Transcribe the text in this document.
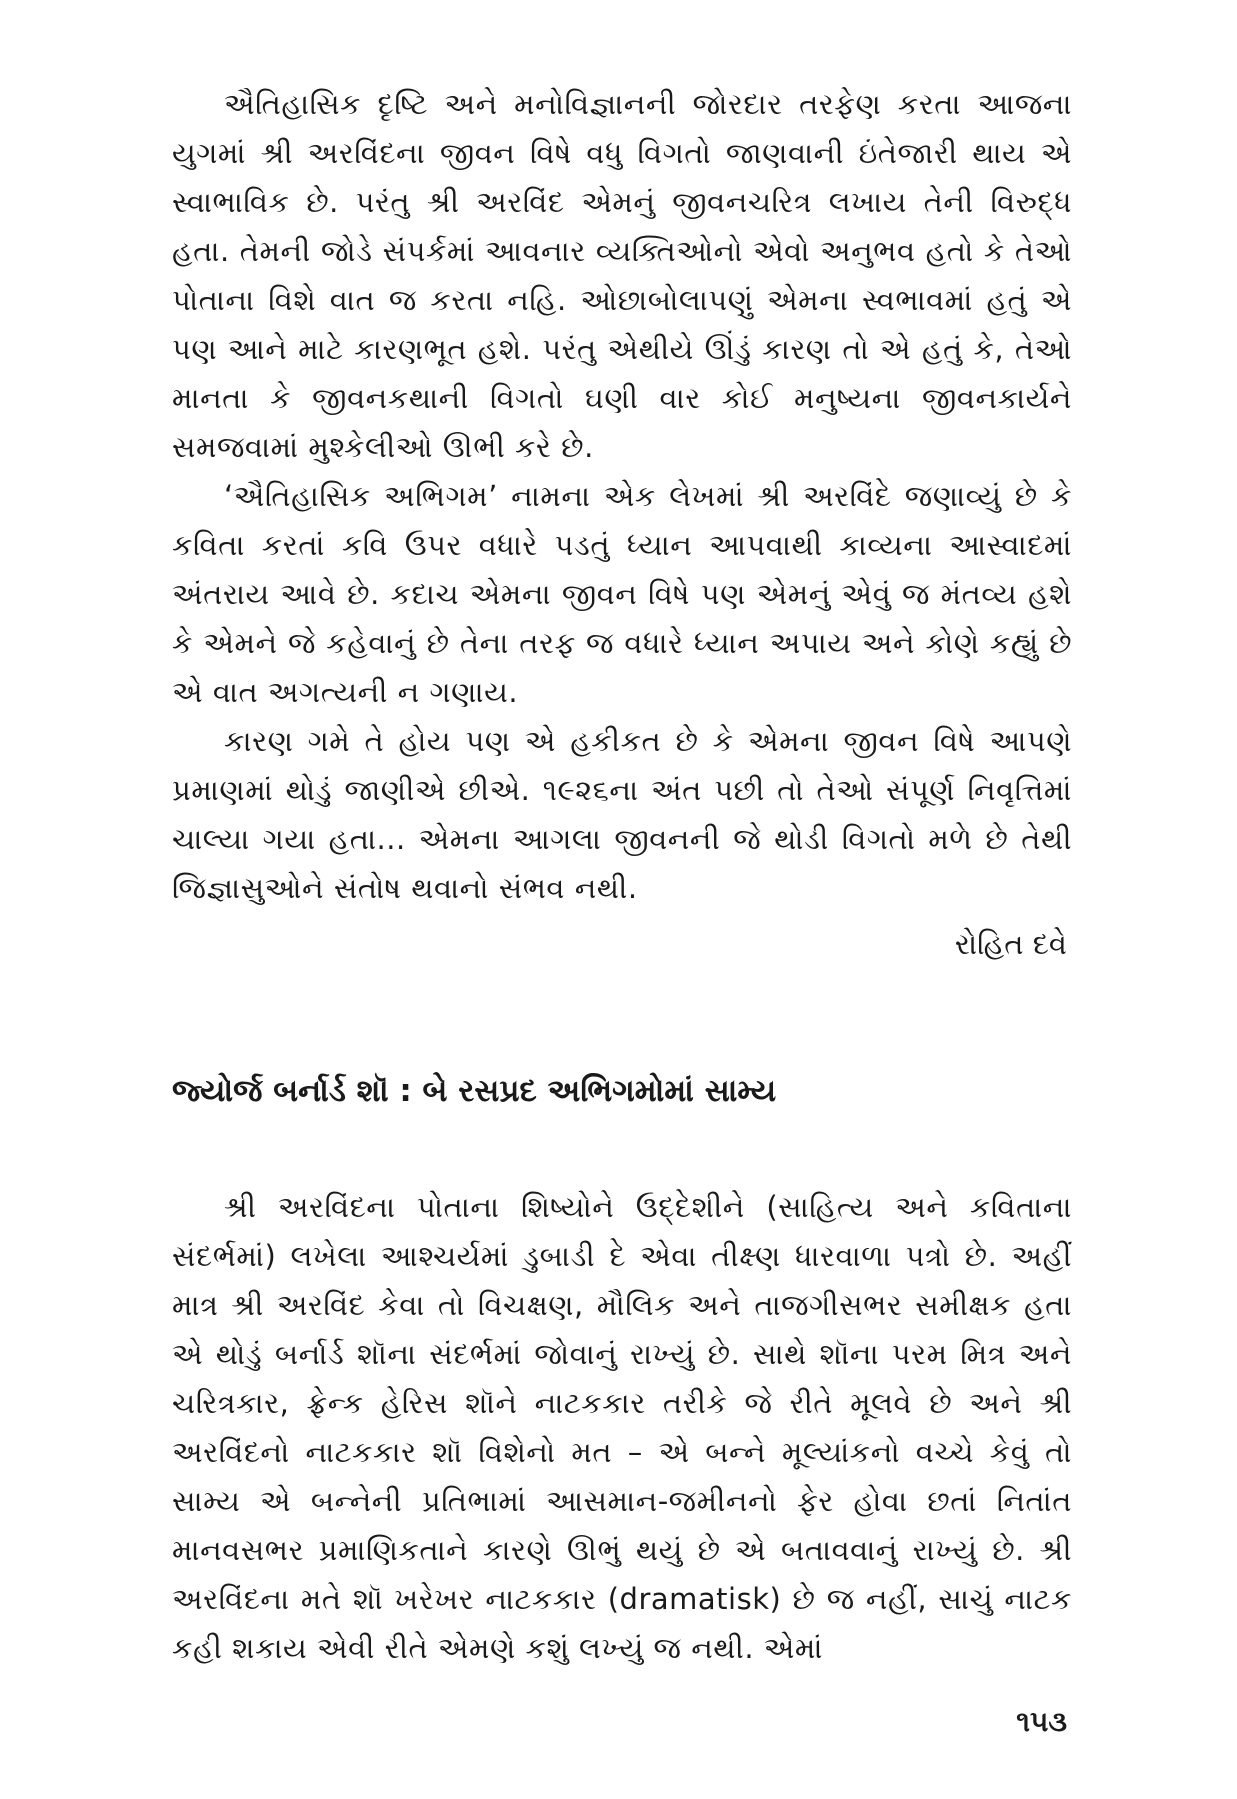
ઐતિહાસિક દૃષ્ટિ અને મનોવિજ્ઞાનની જોરદાર તરફેણ કરતા આજના યુગમાં શ્રી અરવિંદના જીવન વિષે વધુ વિગતો જાણવાની ઇંતેજારી થાય એ સ્વાભાવિક છે. પરંતુ શ્રી અરવિંદ એમનું જીવનચરિત્ર લખાય તેની વિરુદ્ધ હતા. તેમની જોડે સંપર્કમાં આવનાર વ્યક્તિઓનો એવો અનુભવ હતો કે તેઓ પોતાના વિશે વાત જ કરતા નહિ. ઓછાબોલાપણું એમના સ્વભાવમાં હતું એ પણ આને માટે કારણભૂત હશે. પરંતુ એથીયે ઊંડું કારણ તો એ હતું કે, તેઓ માનતા કે જીવનકથાની વિગતો ઘણી વાર કોઈ મનુષ્યના જીવનકાર્યને સમજવામાં મુશ્કેલીઓ ઊભી કરે છે.

‘ઐતિહાસિક અભિગમ’ નામના એક લેખમાં શ્રી અરવિંદે જણાવ્યું છે કે કવિતા કરતાં કવિ ઉપર વધારે પડતું ધ્યાન આપવાથી કાવ્યના આસ્વાદમાં અંતરાય આવે છે. કદાચ એમના જીવન વિષે પણ એમનું એવું જ મંતવ્ય હશે કે એમને જે કહેવાનું છે તેના તરફ જ વધારે ધ્યાન અપાય અને કોણે કહ્યું છે એ વાત અગત્યની ન ગણાય.

કારણ ગમે તે હોય પણ એ હકીકત છે કે એમના જીવન વિષે આપણે પ્રમાણમાં થોડું જાણીએ છીએ. ૧૯૨૬ના અંત પછી તો તેઓ સંપૂર્ણ નિવૃત્તિમાં ચાલ્યા ગયા હતા... એમના આગલા જીવનની જે થોડી વિગતો મળે છે તેથી જિજ્ઞાસુઓને સંતોષ થવાનો સંભવ નથી.

રોહિત દવે
જ્યોર્જ બર્નાર્ડ શૉ : બે રસપ્રદ અભિગમોમાં સામ્ય

શ્રી અરવિંદના પોતાના શિષ્યોને ઉદ્દેશીને (સાહિત્ય અને કવિતાના સંદર્ભમાં) લખેલા આશ્ચર્યમાં ડુબાડી દે એવા તીક્ષ્ણ ધારવાળા પત્રો છે. અહીં માત્ર શ્રી અરવિંદ કેવા તો વિચક્ષણ, મૌલિક અને તાજગીસભર સમીક્ષક હતા એ થોડું બર્નાર્ડ શૉના સંદર્ભમાં જોવાનું રાખ્યું છે. સાથે શૉના પરમ મિત્ર અને ચરિત્રકાર, ફ્રેન્ક હેરિસ શૉને નાટકકાર તરીકે જે રીતે મૂલવે છે અને શ્રી અરવિંદનો નાટકકાર શૉ વિશેનો મત – એ બન્ને મૂલ્યાંકનો વચ્ચે કેવું તો સામ્ય એ બન્નેની પ્રતિભામાં આસમાન-જમીનનો ફેર હોવા છતાં નિતાંત માનવસભર પ્રમાણિકતાને કારણે ઊભું થયું છે એ બતાવવાનું રાખ્યું છે. શ્રી અરવિંદના મતે શૉ ખરેખર નાટકકાર (dramatisk) છે જ નહીં, સાચું નાટક કહી શકાય એવી રીતે એમણે કશું લખ્યું જ નથી. એમાં

૧૫૩
